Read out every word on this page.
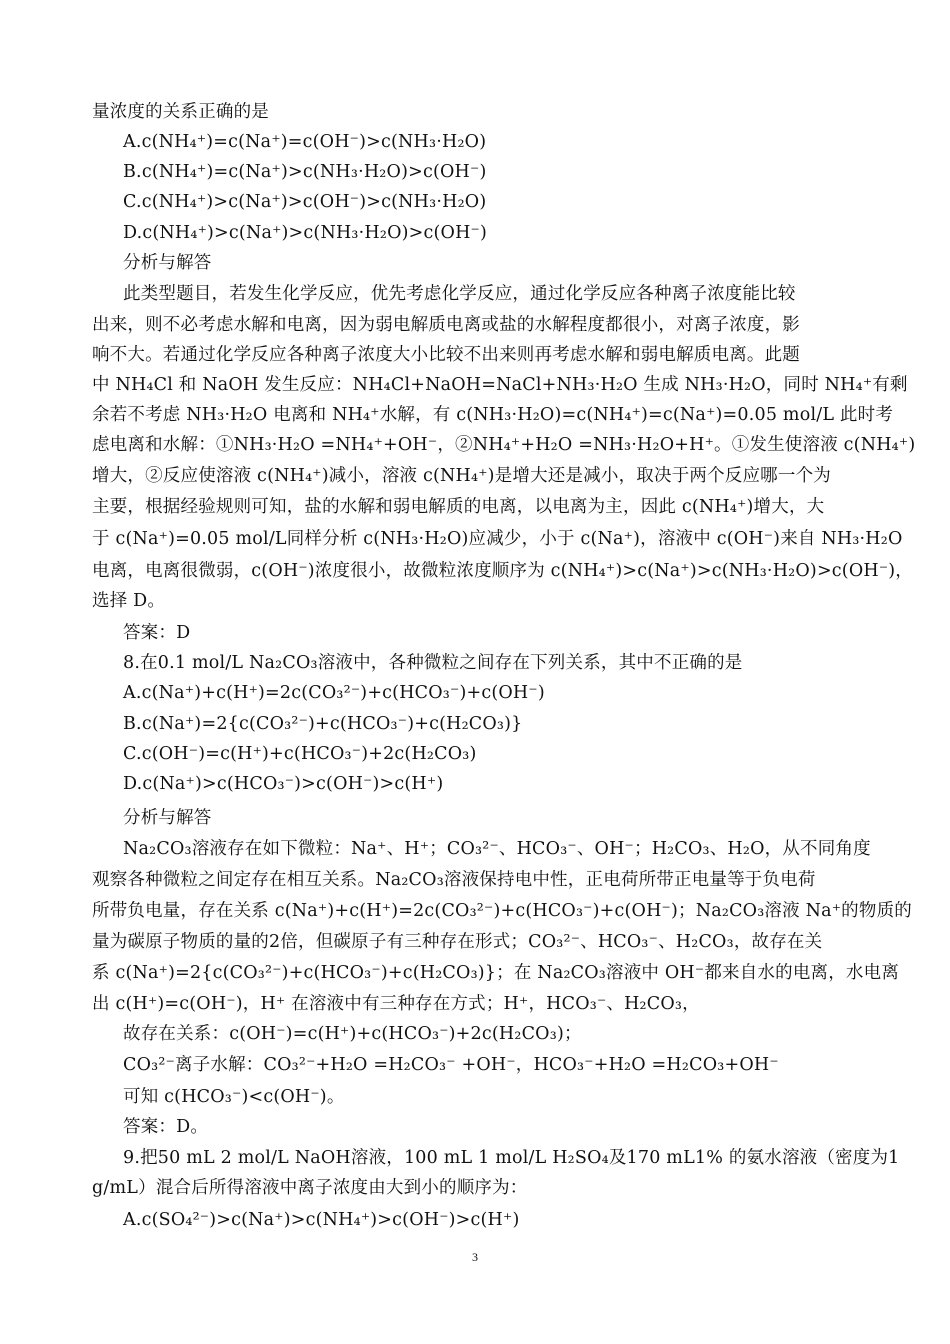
量浓度的关系正确的是
A.c(NH₄⁺)=c(Na⁺)=c(OH⁻)>c(NH₃·H₂O)
B.c(NH₄⁺)=c(Na⁺)>c(NH₃·H₂O)>c(OH⁻)
C.c(NH₄⁺)>c(Na⁺)>c(OH⁻)>c(NH₃·H₂O)
D.c(NH₄⁺)>c(Na⁺)>c(NH₃·H₂O)>c(OH⁻)
分析与解答
此类型题目，若发生化学反应，优先考虑化学反应，通过化学反应各种离子浓度能比较
出来，则不必考虑水解和电离，因为弱电解质电离或盐的水解程度都很小，对离子浓度，影
响不大。若通过化学反应各种离子浓度大小比较不出来则再考虑水解和弱电解质电离。此题
中 NH₄Cl 和 NaOH 发生反应：NH₄Cl+NaOH=NaCl+NH₃·H₂O 生成 NH₃·H₂O，同时 NH₄⁺有剩
余若不考虑 NH₃·H₂O 电离和 NH₄⁺水解，有 c(NH₃·H₂O)=c(NH₄⁺)=c(Na⁺)=0.05 mol/L 此时考
虑电离和水解：①NH₃·H₂O =NH₄⁺+OH⁻，②NH₄⁺+H₂O =NH₃·H₂O+H⁺。①发生使溶液 c(NH₄⁺)
增大，②反应使溶液 c(NH₄⁺)减小，溶液 c(NH₄⁺)是增大还是减小，取决于两个反应哪一个为
主要，根据经验规则可知，盐的水解和弱电解质的电离，以电离为主，因此 c(NH₄⁺)增大，大
于 c(Na⁺)=0.05 mol/L同样分析 c(NH₃·H₂O)应减少，小于 c(Na⁺)，溶液中 c(OH⁻)来自 NH₃·H₂O
电离，电离很微弱，c(OH⁻)浓度很小，故微粒浓度顺序为 c(NH₄⁺)>c(Na⁺)>c(NH₃·H₂O)>c(OH⁻)，
选择 D。
答案：D
8.在0.1 mol/L Na₂CO₃溶液中，各种微粒之间存在下列关系，其中不正确的是
A.c(Na⁺)+c(H⁺)=2c(CO₃²⁻)+c(HCO₃⁻)+c(OH⁻)
B.c(Na⁺)=2{c(CO₃²⁻)+c(HCO₃⁻)+c(H₂CO₃)}
C.c(OH⁻)=c(H⁺)+c(HCO₃⁻)+2c(H₂CO₃)
D.c(Na⁺)>c(HCO₃⁻)>c(OH⁻)>c(H⁺)
分析与解答
Na₂CO₃溶液存在如下微粒：Na⁺、H⁺；CO₃²⁻、HCO₃⁻、OH⁻；H₂CO₃、H₂O，从不同角度
观察各种微粒之间定存在相互关系。Na₂CO₃溶液保持电中性，正电荷所带正电量等于负电荷
所带负电量，存在关系 c(Na⁺)+c(H⁺)=2c(CO₃²⁻)+c(HCO₃⁻)+c(OH⁻)；Na₂CO₃溶液 Na⁺的物质的
量为碳原子物质的量的2倍，但碳原子有三种存在形式；CO₃²⁻、HCO₃⁻、H₂CO₃，故存在关
系 c(Na⁺)=2{c(CO₃²⁻)+c(HCO₃⁻)+c(H₂CO₃)}；在 Na₂CO₃溶液中 OH⁻都来自水的电离，水电离
出 c(H⁺)=c(OH⁻)，H⁺ 在溶液中有三种存在方式；H⁺，HCO₃⁻、H₂CO₃，
故存在关系：c(OH⁻)=c(H⁺)+c(HCO₃⁻)+2c(H₂CO₃)；
CO₃²⁻离子水解：CO₃²⁻+H₂O =H₂CO₃⁻ +OH⁻，HCO₃⁻+H₂O =H₂CO₃+OH⁻
可知 c(HCO₃⁻)<c(OH⁻)。
答案：D。
9.把50 mL 2 mol/L NaOH溶液，100 mL 1 mol/L H₂SO₄及170 mL1% 的氨水溶液（密度为1
g/mL）混合后所得溶液中离子浓度由大到小的顺序为：
A.c(SO₄²⁻)>c(Na⁺)>c(NH₄⁺)>c(OH⁻)>c(H⁺)
3
